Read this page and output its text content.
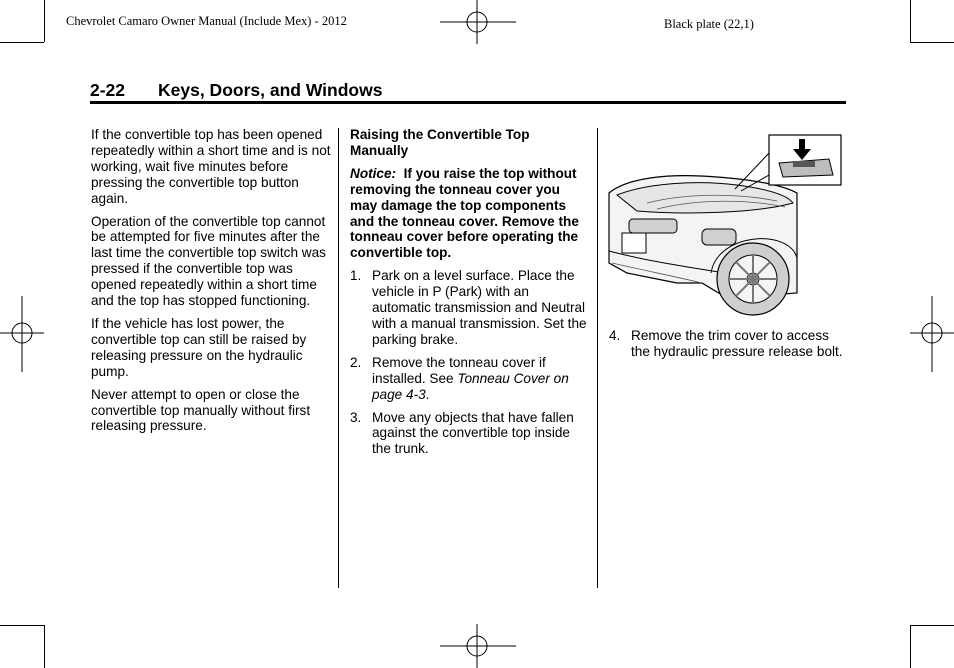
Chevrolet Camaro Owner Manual (Include Mex) - 2012	Black plate (22,1)
2-22 Keys, Doors, and Windows

If the convertible top has been opened repeatedly within a short time and is not working, wait five minutes before pressing the convertible top button again.

Operation of the convertible top cannot be attempted for five minutes after the last time the convertible top switch was pressed if the convertible top was opened repeatedly within a short time and the top has stopped functioning.

If the vehicle has lost power, the convertible top can still be raised by releasing pressure on the hydraulic pump.

Never attempt to open or close the convertible top manually without first releasing pressure.

Raising the Convertible Top Manually

Notice: If you raise the top without removing the tonneau cover you may damage the top components and the tonneau cover. Remove the tonneau cover before operating the convertible top.

1. Park on a level surface. Place the vehicle in P (Park) with an automatic transmission and Neutral with a manual transmission. Set the parking brake.
2. Remove the tonneau cover if installed. See Tonneau Cover on page 4-3.
3. Move any objects that have fallen against the convertible top inside the trunk.
4. Remove the trim cover to access the hydraulic pressure release bolt.
